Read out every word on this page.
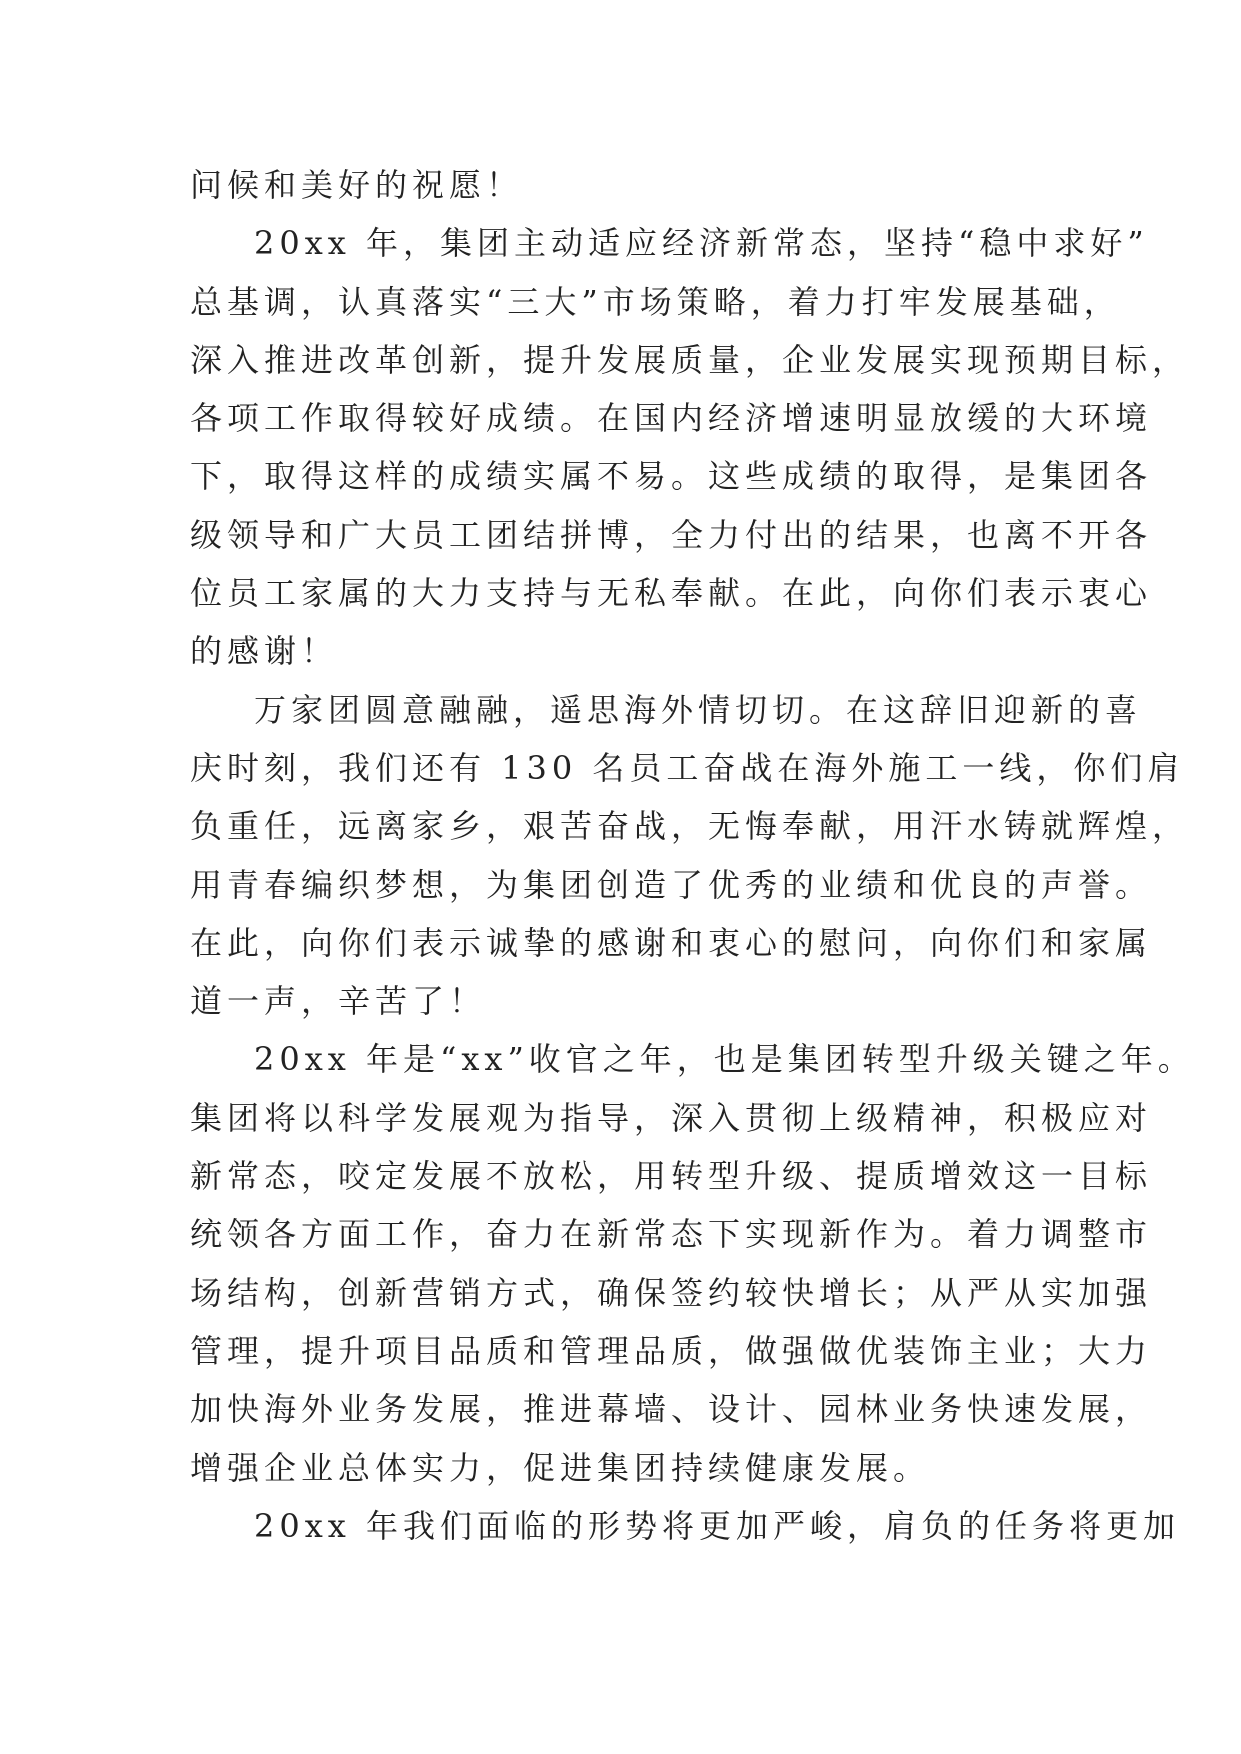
问候和美好的祝愿！
20xx 年，集团主动适应经济新常态，坚持“稳中求好”
总基调，认真落实“三大”市场策略，着力打牢发展基础，
深入推进改革创新，提升发展质量，企业发展实现预期目标，
各项工作取得较好成绩。在国内经济增速明显放缓的大环境
下，取得这样的成绩实属不易。这些成绩的取得，是集团各
级领导和广大员工团结拼博，全力付出的结果，也离不开各
位员工家属的大力支持与无私奉献。在此，向你们表示衷心
的感谢！
万家团圆意融融，遥思海外情切切。在这辞旧迎新的喜
庆时刻，我们还有 130 名员工奋战在海外施工一线，你们肩
负重任，远离家乡，艰苦奋战，无悔奉献，用汗水铸就辉煌，
用青春编织梦想，为集团创造了优秀的业绩和优良的声誉。
在此，向你们表示诚挚的感谢和衷心的慰问，向你们和家属
道一声，辛苦了！
20xx 年是“xx”收官之年，也是集团转型升级关键之年。
集团将以科学发展观为指导，深入贯彻上级精神，积极应对
新常态，咬定发展不放松，用转型升级、提质增效这一目标
统领各方面工作，奋力在新常态下实现新作为。着力调整市
场结构，创新营销方式，确保签约较快增长；从严从实加强
管理，提升项目品质和管理品质，做强做优装饰主业；大力
加快海外业务发展，推进幕墙、设计、园林业务快速发展，
增强企业总体实力，促进集团持续健康发展。
20xx 年我们面临的形势将更加严峻，肩负的任务将更加
